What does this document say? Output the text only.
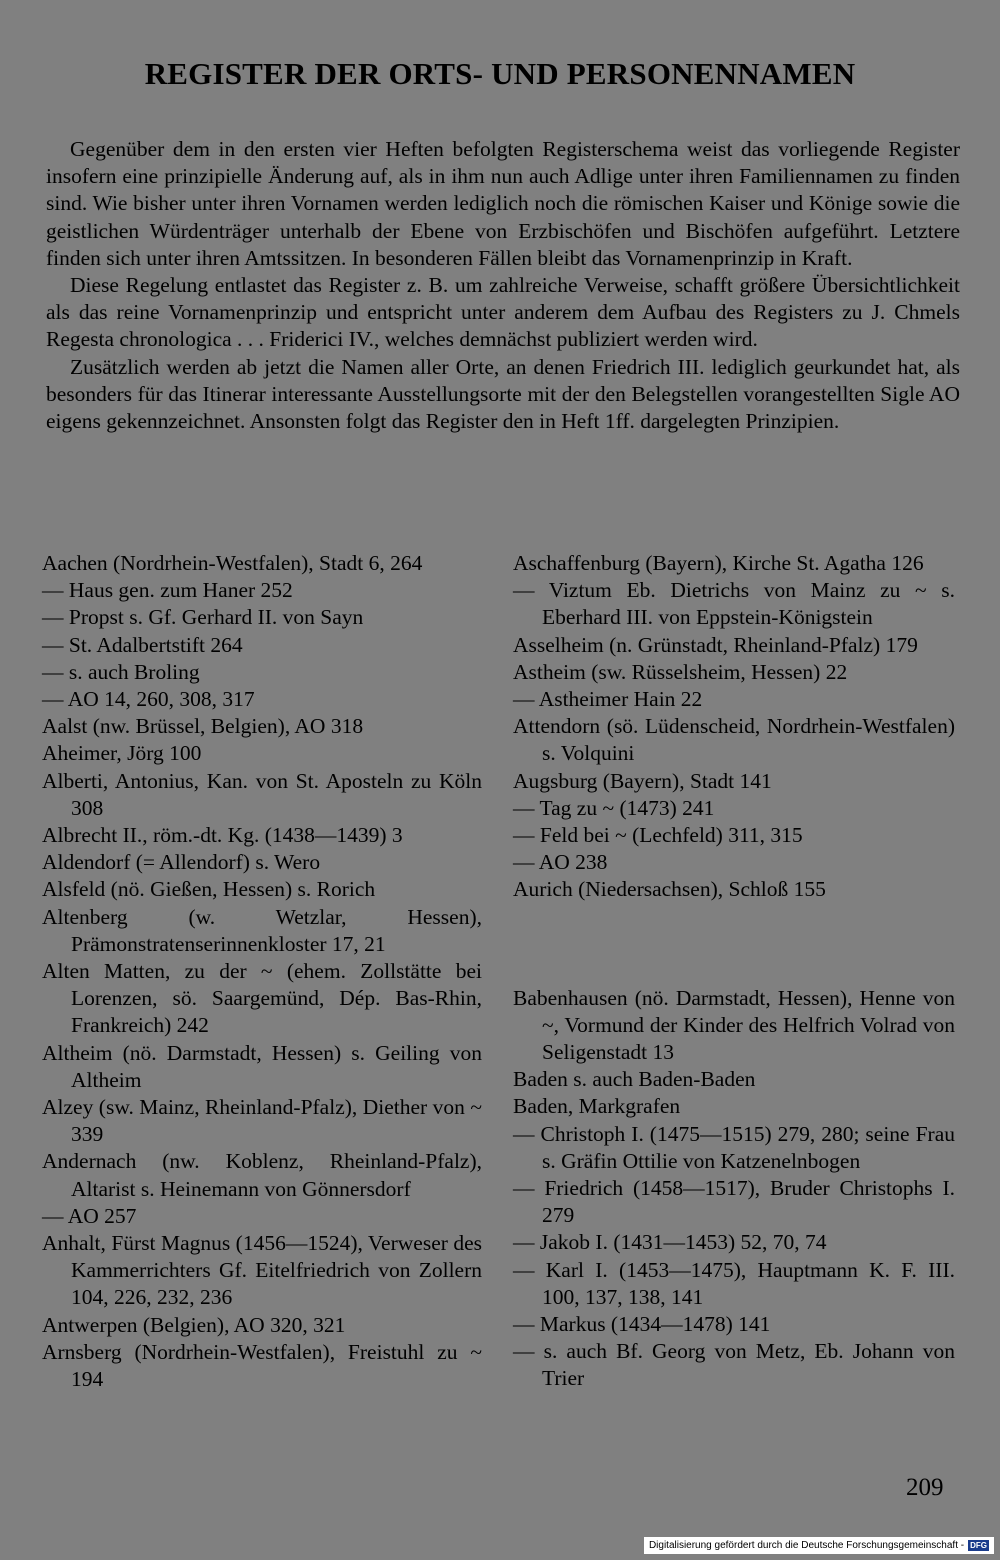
REGISTER DER ORTS- UND PERSONENNAMEN

Gegenüber dem in den ersten vier Heften befolgten Registerschema weist das vorliegende Register insofern eine prinzipielle Änderung auf, als in ihm nun auch Adlige unter ihren Familiennamen zu finden sind. Wie bisher unter ihren Vornamen werden lediglich noch die römischen Kaiser und Könige sowie die geistlichen Würdenträger unterhalb der Ebene von Erzbischöfen und Bischöfen aufgeführt. Letztere finden sich unter ihren Amtssitzen. In besonderen Fällen bleibt das Vornamenprinzip in Kraft.

Diese Regelung entlastet das Register z. B. um zahlreiche Verweise, schafft größere Übersichtlichkeit als das reine Vornamenprinzip und entspricht unter anderem dem Aufbau des Registers zu J. Chmels Regesta chronologica . . . Friderici IV., welches demnächst publiziert werden wird.

Zusätzlich werden ab jetzt die Namen aller Orte, an denen Friedrich III. lediglich geurkundet hat, als besonders für das Itinerar interessante Ausstellungsorte mit der den Belegstellen vorangestellten Sigle AO eigens gekennzeichnet. Ansonsten folgt das Register den in Heft 1ff. dargelegten Prinzipien.

Aachen (Nordrhein-Westfalen), Stadt 6, 264
— Haus gen. zum Haner 252
— Propst s. Gf. Gerhard II. von Sayn
— St. Adalbertstift 264
— s. auch Broling
— AO 14, 260, 308, 317
Aalst (nw. Brüssel, Belgien), AO 318
Aheimer, Jörg 100
Alberti, Antonius, Kan. von St. Aposteln zu Köln 308
Albrecht II., röm.-dt. Kg. (1438—1439) 3
Aldendorf (= Allendorf) s. Wero
Alsfeld (nö. Gießen, Hessen) s. Rorich
Altenberg (w. Wetzlar, Hessen), Prämonstratenserinnenkloster 17, 21
Alten Matten, zu der ~ (ehem. Zollstätte bei Lorenzen, sö. Saargemünd, Dép. Bas-Rhin, Frankreich) 242
Altheim (nö. Darmstadt, Hessen) s. Geiling von Altheim
Alzey (sw. Mainz, Rheinland-Pfalz), Diether von ~ 339
Andernach (nw. Koblenz, Rheinland-Pfalz), Altarist s. Heinemann von Gönnersdorf
— AO 257
Anhalt, Fürst Magnus (1456—1524), Verweser des Kammerrichters Gf. Eitelfriedrich von Zollern 104, 226, 232, 236
Antwerpen (Belgien), AO 320, 321
Arnsberg (Nordrhein-Westfalen), Freistuhl zu ~ 194
Aschaffenburg (Bayern), Kirche St. Agatha 126
— Viztum Eb. Dietrichs von Mainz zu ~ s. Eberhard III. von Eppstein-Königstein
Asselheim (n. Grünstadt, Rheinland-Pfalz) 179
Astheim (sw. Rüsselsheim, Hessen) 22
— Astheimer Hain 22
Attendorn (sö. Lüdenscheid, Nordrhein-Westfalen) s. Volquini
Augsburg (Bayern), Stadt 141
— Tag zu ~ (1473) 241
— Feld bei ~ (Lechfeld) 311, 315
— AO 238
Aurich (Niedersachsen), Schloß 155
Babenhausen (nö. Darmstadt, Hessen), Henne von ~, Vormund der Kinder des Helfrich Volrad von Seligenstadt 13
Baden s. auch Baden-Baden
Baden, Markgrafen
— Christoph I. (1475—1515) 279, 280; seine Frau s. Gräfin Ottilie von Katzenelnbogen
— Friedrich (1458—1517), Bruder Christophs I. 279
— Jakob I. (1431—1453) 52, 70, 74
— Karl I. (1453—1475), Hauptmann K. F. III. 100, 137, 138, 141
— Markus (1434—1478) 141
— s. auch Bf. Georg von Metz, Eb. Johann von Trier
209
Digitalisierung gefördert durch die Deutsche Forschungsgemeinschaft - DFG
